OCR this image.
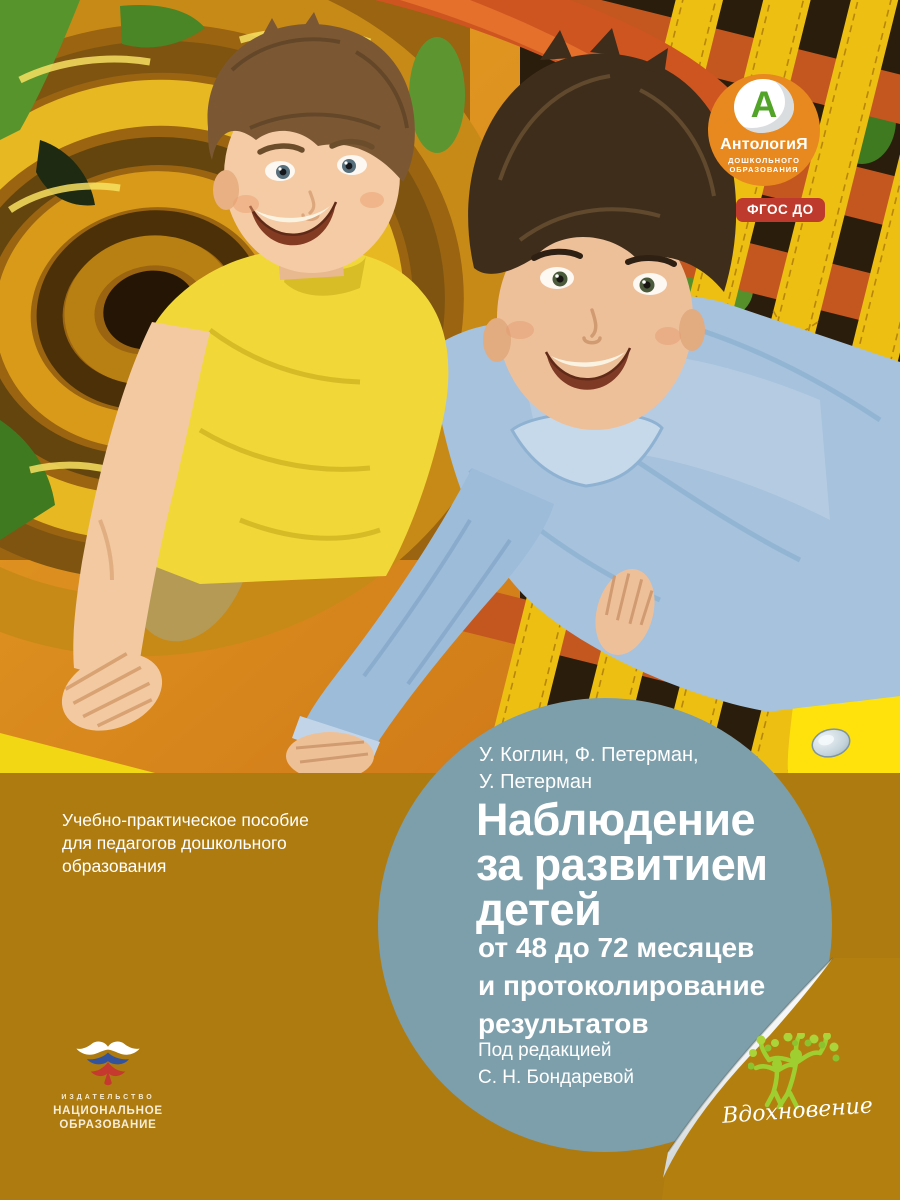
У. Коглин, Ф. Петерман,
У. Петерман
Наблюдение
за развитием
детей
от 48 до 72 месяцев
и протоколирование
результатов
Под редакцией
С. Н. Бондаревой
Учебно-практическое пособие
для педагогов дошкольного
образования
А
АнтологиЯ
ДОШКОЛЬНОГО
ОБРАЗОВАНИЯ
ФГОС ДО
Вдохновение
ИЗДАТЕЛЬСТВО
НАЦИОНАЛЬНОЕ
ОБРАЗОВАНИЕ
